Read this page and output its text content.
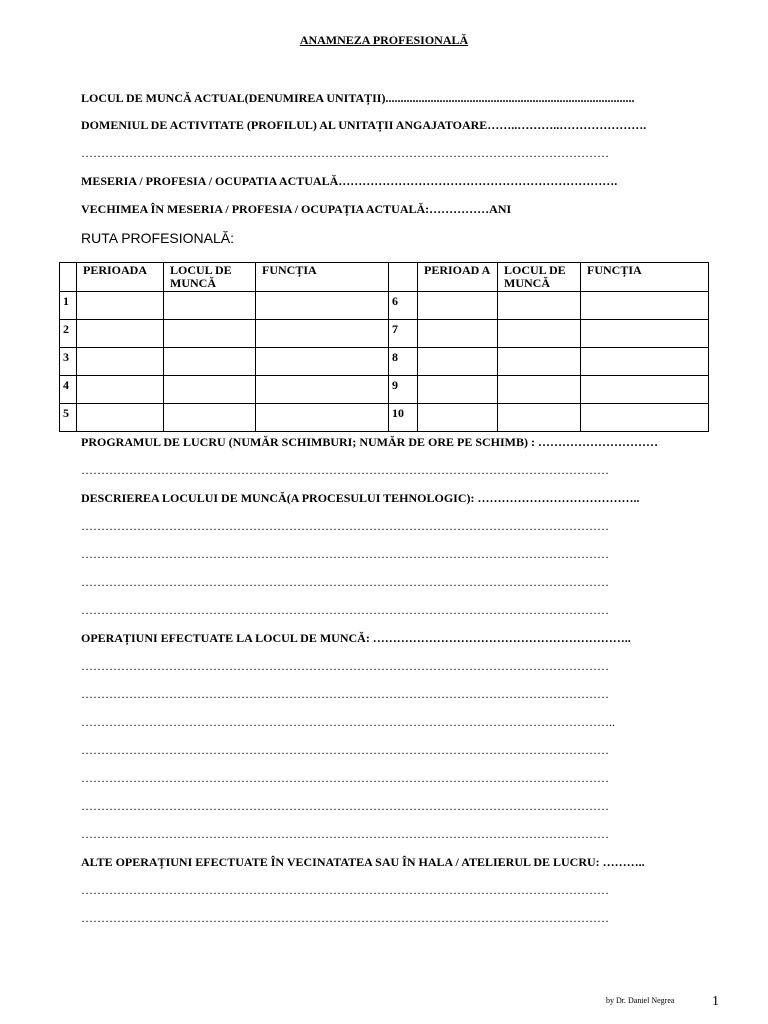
ANAMNEZA PROFESIONALĂ
LOCUL DE MUNCĂ ACTUAL(DENUMIREA UNITAȚII)...................................................................................
DOMENIUL DE ACTIVITATE (PROFILUL) AL UNITAȚII ANGAJATOARE……..………..………………….
……………………………………………………………………………………………………………………
MESERIA / PROFESIA / OCUPATIA ACTUALĂ…………………………………………………………….
VECHIMEA ÎN MESERIA / PROFESIA / OCUPAȚIA ACTUALĂ:……………ANI
RUTA PROFESIONALĂ:
	PERIOADA	LOCUL DE MUNCĂ	FUNCȚIA		PERIOAD A	LOCUL DE MUNCĂ	FUNCȚIA
1				6			
2				7			
3				8			
4				9			
5				10			
PROGRAMUL DE LUCRU (NUMĂR SCHIMBURI; NUMĂR DE ORE PE SCHIMB) : …………………………
……………………………………………………………………………………………………………………
DESCRIEREA LOCULUI DE MUNCĂ(A PROCESULUI TEHNOLOGIC): …………………………………..
……………………………………………………………………………………………………………………
……………………………………………………………………………………………………………………
……………………………………………………………………………………………………………………
……………………………………………………………………………………………………………………
OPERAȚIUNI EFECTUATE LA LOCUL DE MUNCĂ: ………………………………………………………..
……………………………………………………………………………………………………………………
……………………………………………………………………………………………………………………
……………………………………………………………………………………………………………………..
……………………………………………………………………………………………………………………
……………………………………………………………………………………………………………………
……………………………………………………………………………………………………………………
……………………………………………………………………………………………………………………
ALTE OPERAȚIUNI EFECTUATE ÎN VECINATATEA SAU ÎN HALA / ATELIERUL DE LUCRU: ………..
……………………………………………………………………………………………………………………
……………………………………………………………………………………………………………………
by Dr. Daniel Negrea	1
